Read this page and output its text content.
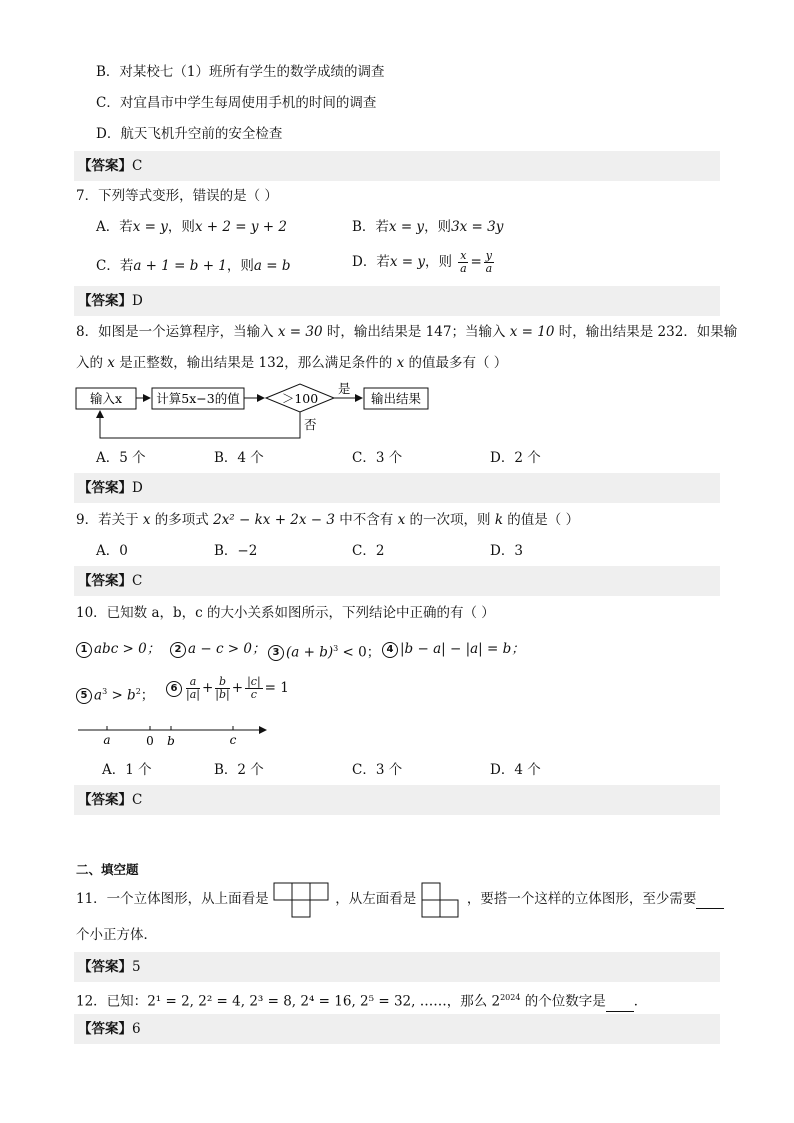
B．对某校七（1）班所有学生的数学成绩的调查
C．对宜昌市中学生每周使用手机的时间的调查
D．航天飞机升空前的安全检查
【答案】C
7．下列等式变形，错误的是（ ）
A．若x = y，则x + 2 = y + 2	B．若x = y，则3x = 3y
C．若a + 1 = b + 1，则a = b	D．若x = y，则 $\frac{x}{a} = \frac{y}{a}$
【答案】D
8．如图是一个运算程序，当输入 x = 30 时，输出结果是 147；当输入 x = 10 时，输出结果是 232．如果输
入的 x 是正整数，输出结果是 132，那么满足条件的 x 的值最多有（ ）
输入x	计算5x−3的值	＞100
是
输出结果
否
A．5 个	B．4 个	C．3 个	D．2 个
【答案】D
9．若关于 x 的多项式 2x² − kx + 2x − 3 中不含有 x 的一次项，则 k 的值是（ ）
A．0	B．−2	C．2	D．3
【答案】C
10．已知数 a，b，c 的大小关系如图所示，下列结论中正确的有（ ）
1 abc > 0；	2 a − c > 0； 3 $(a + b)^3 < 0$； 4 |b − a| − |a| = b；
5 $a^3 > b^2$；	$6 \frac{a}{|a|} + \frac{b}{|b|} + \frac{|c|}{c} = 1$
a	0 b	c
A．1 个	B．2 个	C．3 个	D．4 个
【答案】C
二、填空题
11．一个立体图形，从上面看是	，从左面看是	，要搭一个这样的立体图形，至少需要
个小正方体．
【答案】5
12．已知：2¹ = 2, 2² = 4, 2³ = 8, 2⁴ = 16, 2⁵ = 32, ……，那么 $2^{2024}$ 的个位数字是 ．
【答案】6
